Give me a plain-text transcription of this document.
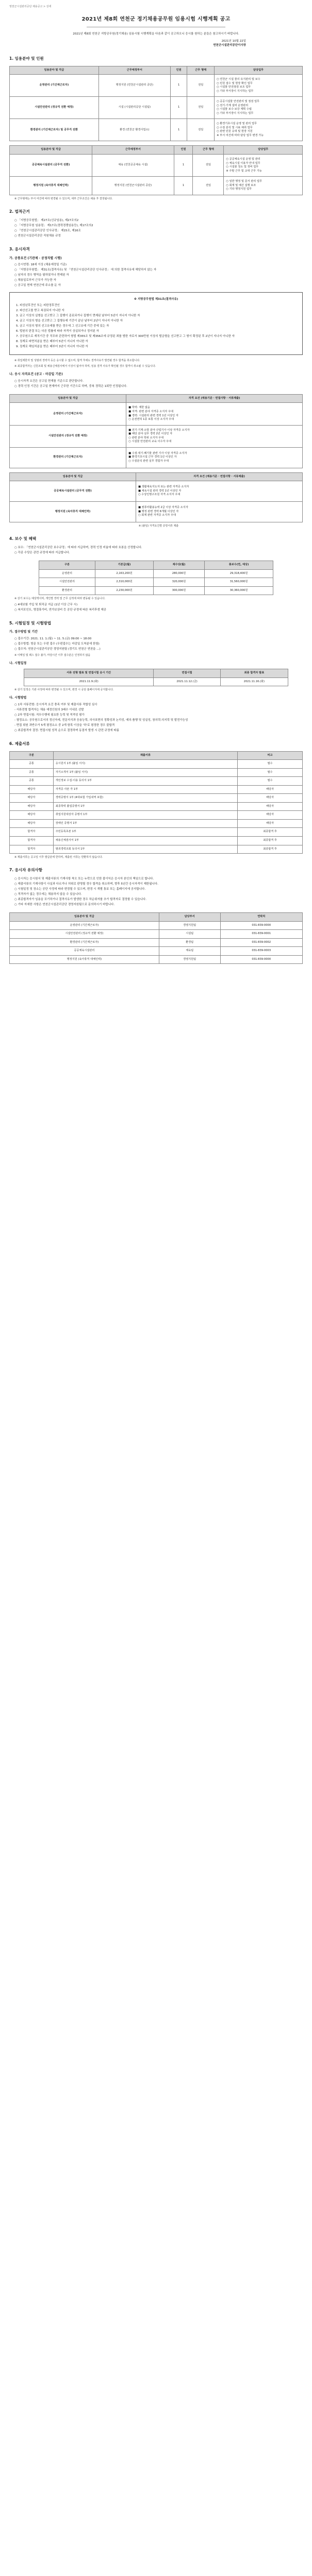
영천군시설관리공단 채용공고 > 상세
2021년 제8회 연천군 정기채용공무원 임용시험 시행계획 공고
2021년 제8회 연천군 지방공무원(정기채용) 임용시험 시행계획을 다음과 같이 공고하오니 응시를 원하는 분들은 참고하시기 바랍니다.
2021년 10월 22일
연천군시설관리공단이사장
1. 임용분야 및 인원
임용분야 및 직급	근무예정부서	인원	근무 형태	담당업무
운영관리 (기간제근로자)	행정지원 (연천군시설관리 공단)	1	전일	○ 연천군 시설 물의 유지관리 및 보수
○ 민원 접수 및 현장 확인 업무
○ 시설물 안전점검 보조 업무
○ 기타 부서장이 지시하는 업무
시설안전관리 (정규직 전환 예정)	시설 (시설관리공단 시설팀)	1	전일	○ 공공시설물 안전관리 및 점검 업무
○ 전기·기계 설비 운영관리
○ 시설물 보수·보강 계획 수립
○ 기타 부서장이 지시하는 업무
환경관리 (기간제근로자) 및 공무직 전환	환경 (연천군 환경사업소)	1	전일	○ 환경기초시설 운영 및 관리 업무
○ 수질 분석 및 시료 채취 업무
○ 관련 민원 응대 및 현장 지원
※ 부서 여건에 따라 담당 업무 변경 가능
임용분야 및 직급	근무예정부서	인원	근무 형태	담당업무
공공체육시설관리 (공무직 전환)	체육 (연천공공체육 시설)	1	전일	○ 공공체육시설 운영 및 관리
○ 체육시설 이용자 안내 업무
○ 시설물 청소 및 정비 업무
※ 주말 근무 및 교대 근무 가능
행정지원 (육아휴직 대체인력)	행정지원 (연천군시설관리 공단)	1	전일	○ 일반 행정 및 문서 관리 업무
○ 회계 및 예산 집행 보조
○ 기타 행정지원 업무

※ 근무형태는 부서 여건에 따라 변경될 수 있으며, 세부 근무조건은 채용 후 결정됩니다.

2. 법적근거

○ 「지방공무원법」 제27조(신규임용), 제27조의2

○ 「지방공무원 임용령」 제17조(경력경쟁임용등), 제17조의2

○ 「연천군시설관리공단 인사규정」 제15조, 제16조

○ 연천군시설관리공단 직원채용 규정

3. 응시자격
가. 공통요건 (기관제 · 공정직렬 시행)

○ 응시연령: 18세 이상 (채용예정일 기준)

○ 「지방공무원법」 제31조(결격사유) 및 「연천군시설관리공단 인사규정」 에 의한 결격사유에 해당하지 않는 자

○ 남자의 경우 병역을 필하였거나 면제된 자

○ 채용일로부터 근무가 가능한 자

○ 공고일 현재 연천군에 주소를 둔 자

※ 지방공무원법 제31조(결격사유)

1. 피성년후견인 또는 피한정후견인

2. 파산선고를 받고 복권되지 아니한 자

3. 금고 이상의 실형을 선고받고 그 집행이 종료되거나 집행이 면제된 날부터 5년이 지나지 아니한 자

4. 금고 이상의 형을 선고받고 그 집행유예 기간이 끝난 날부터 2년이 지나지 아니한 자

5. 금고 이상의 형의 선고유예를 받은 경우에 그 선고유예 기간 중에 있는 자

6. 법원의 판결 또는 다른 법률에 따라 자격이 상실되거나 정지된 자

7. 공무원으로 재직기간 중 직무와 관련하여 형법 제355조 및 제356조에 규정된 죄를 범한 자로서 300만원 이상의 벌금형을 선고받고 그 형이 확정된 후 2년이 지나지 아니한 자

8. 징계로 파면처분을 받은 때부터 5년이 지나지 아니한 자

9. 징계로 해임처분을 받은 때부터 3년이 지나지 아니한 자

※ 취업제한자 및 성범죄 경력자 등은 응시할 수 없으며, 합격 후에도 결격사유가 발견될 경우 합격을 취소합니다.

※ 최종합격자는 신원조회 및 채용신체검사에서 이상이 없어야 하며, 임용 결격 사유가 확인될 경우 합격이 취소될 수 있습니다.

나. 응시 자격요건 (공고 · 마감일 기준)

○ 응시자격 요건은 공고일 현재를 기준으로 판단합니다.

○ 경력 인정 기간은 공고일 현재까지 근무한 기간으로 하며, 중복 경력은 1회만 인정됩니다.

임용분야 및 직급	자격 요건 (채용기준 · 면접사항 · 서류제출)
운영관리 (기간제근로자)	■ 학력: 제한 없음
■ 자격: 관련 분야 자격증 소지자 우대
■ 경력: 시설관리 관련 경력 1년 이상인 자
○ 운전면허 1종 보통 이상 소지자 우대
시설안전관리 (정규직 전환 예정)	■ 전기·기계·소방 분야 산업기사 이상 자격증 소지자
■ 해당 분야 실무 경력 2년 이상인 자
○ 관련 분야 학위 소지자 우대
○ 시설물 안전관리 교육 이수자 우대
환경관리 (기간제근로자)	■ 수질·대기·폐기물 관련 기사 이상 자격증 소지자
■ 환경기초시설 근무 경력 1년 이상인 자
○ 수질분석 관련 실무 경험자 우대
임용분야 및 직급	자격 요건 (채용기준 · 면접사항 · 서류제출)
공공체육시설관리 (공무직 전환)	■ 생활체육지도자 또는 관련 자격증 소지자
■ 체육시설 관리 경력 1년 이상인 자
○ 수상인명구조원 자격 소지자 우대
행정지원 (육아휴직 대체인력)	■ 컴퓨터활용능력 2급 이상 자격증 소지자
■ 행정 관련 경력 6개월 이상인 자
○ 회계 관련 자격증 소지자 우대

※ (붙임) 자격요건별 증빙서류 제출

4. 보수 및 혜택

○ 보수: 「연천군시설관리공단 보수규정」에 따라 지급하며, 경력 인정 비율에 따라 호봉을 산정합니다.

○ 각종 수당은 관련 규정에 따라 지급합니다.

구분	기본급(월)	제수당(월)	총보수(연, 예상)
운영관리	2,163,200원	280,000원	29,318,400원
시설안전관리	2,310,000원	320,000원	31,560,000원
환경관리	2,230,000원	300,000원	30,360,000원

※ 상기 보수는 예상액이며, 개인별 경력 및 근무 실적에 따라 변동될 수 있습니다.

○ 4대보험 가입 및 퇴직금 지급 (1년 이상 근무 시)

○ 복지포인트, 명절휴가비, 연가보상비 등 공단 규정에 따른 복리후생 제공

5. 시험일정 및 시험방법
가. 접수방법 및 기간

○ 접수기간: 2021. 11. 1.(월) ~ 11. 5.(금) 09:00 ~ 18:00

○ 접수방법: 방문 또는 우편 접수 (우편접수는 마감일 도착분에 한함)

○ 접수처: 연천군시설관리공단 경영지원팀 (경기도 연천군 연천읍 …)

※ 이메일 및 팩스 접수 불가, 마감시간 이후 접수분은 인정하지 않음

나. 시험일정
서류 전형 발표 및 면접시험 응시 기간	면접시험	최종 합격자 발표
2021.11.9.(화)	2021.11.12.(금)	2021.11.16.(화)

※ 상기 일정은 기관 사정에 따라 변경될 수 있으며, 변경 시 공단 홈페이지에 공지합니다.

다. 시험방법

○ 1차 서류전형: 응시자격 요건 충족 여부 및 제출서류 적합성 심사

- 서류전형 합격자는 채용 예정인원의 3배수 이내로 선발

○ 2차 면접시험: 직무수행에 필요한 능력 및 적격성 평가

- 평정요소: 공무원으로서의 정신자세, 전문지식과 응용능력, 의사표현의 정확성과 논리성, 예의·품행 및 성실성, 창의력·의지력 및 발전가능성

- 면접 위원 과반수가 5개 평정요소 중 2개 항목 이상을 '하'로 평정한 경우 불합격

○ 최종합격자 결정: 면접시험 성적 순으로 결정하며 동점자 발생 시 관련 규정에 따름

6. 제출서류
구분	제출서류	비고
공통	응시원서 1부 (붙임 서식)	필수
공통	자기소개서 1부 (붙임 서식)	필수
공통	개인정보 수집·이용 동의서 1부	필수
해당자	자격증 사본 각 1부	해당자
해당자	경력증명서 1부 (4대보험 가입내역 포함)	해당자
해당자	최종학력 졸업증명서 1부	해당자
해당자	취업지원대상자 증명서 1부	해당자
해당자	장애인 증명서 1부	해당자
합격자	주민등록초본 1부	최종합격 후
합격자	채용신체검사서 1부	최종합격 후
합격자	범죄경력조회 동의서 1부	최종합격 후

※ 제출서류는 공고일 이후 발급분에 한하며, 제출된 서류는 반환하지 않습니다.

7. 응시자 유의사항

○ 응시자는 응시원서 및 제출서류의 기재사항 착오 또는 누락으로 인한 불이익은 응시자 본인의 책임으로 합니다.

○ 제출서류의 기재사항이 사실과 다르거나 허위로 판명될 경우 합격을 취소하며, 향후 5년간 응시자격이 제한됩니다.

○ 시험일정 및 장소는 공단 사정에 따라 변경될 수 있으며, 변경 시 개별 통보 또는 홈페이지에 공지합니다.

○ 적격자가 없는 경우에는 채용하지 않을 수 있습니다.

○ 최종합격자가 임용을 포기하거나 결격사유가 발생한 경우 차순위자를 추가 합격자로 결정할 수 있습니다.

○ 기타 자세한 사항은 연천군시설관리공단 경영지원팀으로 문의하시기 바랍니다.

임용분야 및 직급	담당부서	연락처
운영관리 (기간제근로자)	경영지원팀	031-839-0000
시설안전관리 (정규직 전환 예정)	시설팀	031-839-0001
환경관리 (기간제근로자)	환경팀	031-839-0002
공공체육시설관리	체육팀	031-839-0003
행정지원 (육아휴직 대체인력)	경영지원팀	031-839-0000
